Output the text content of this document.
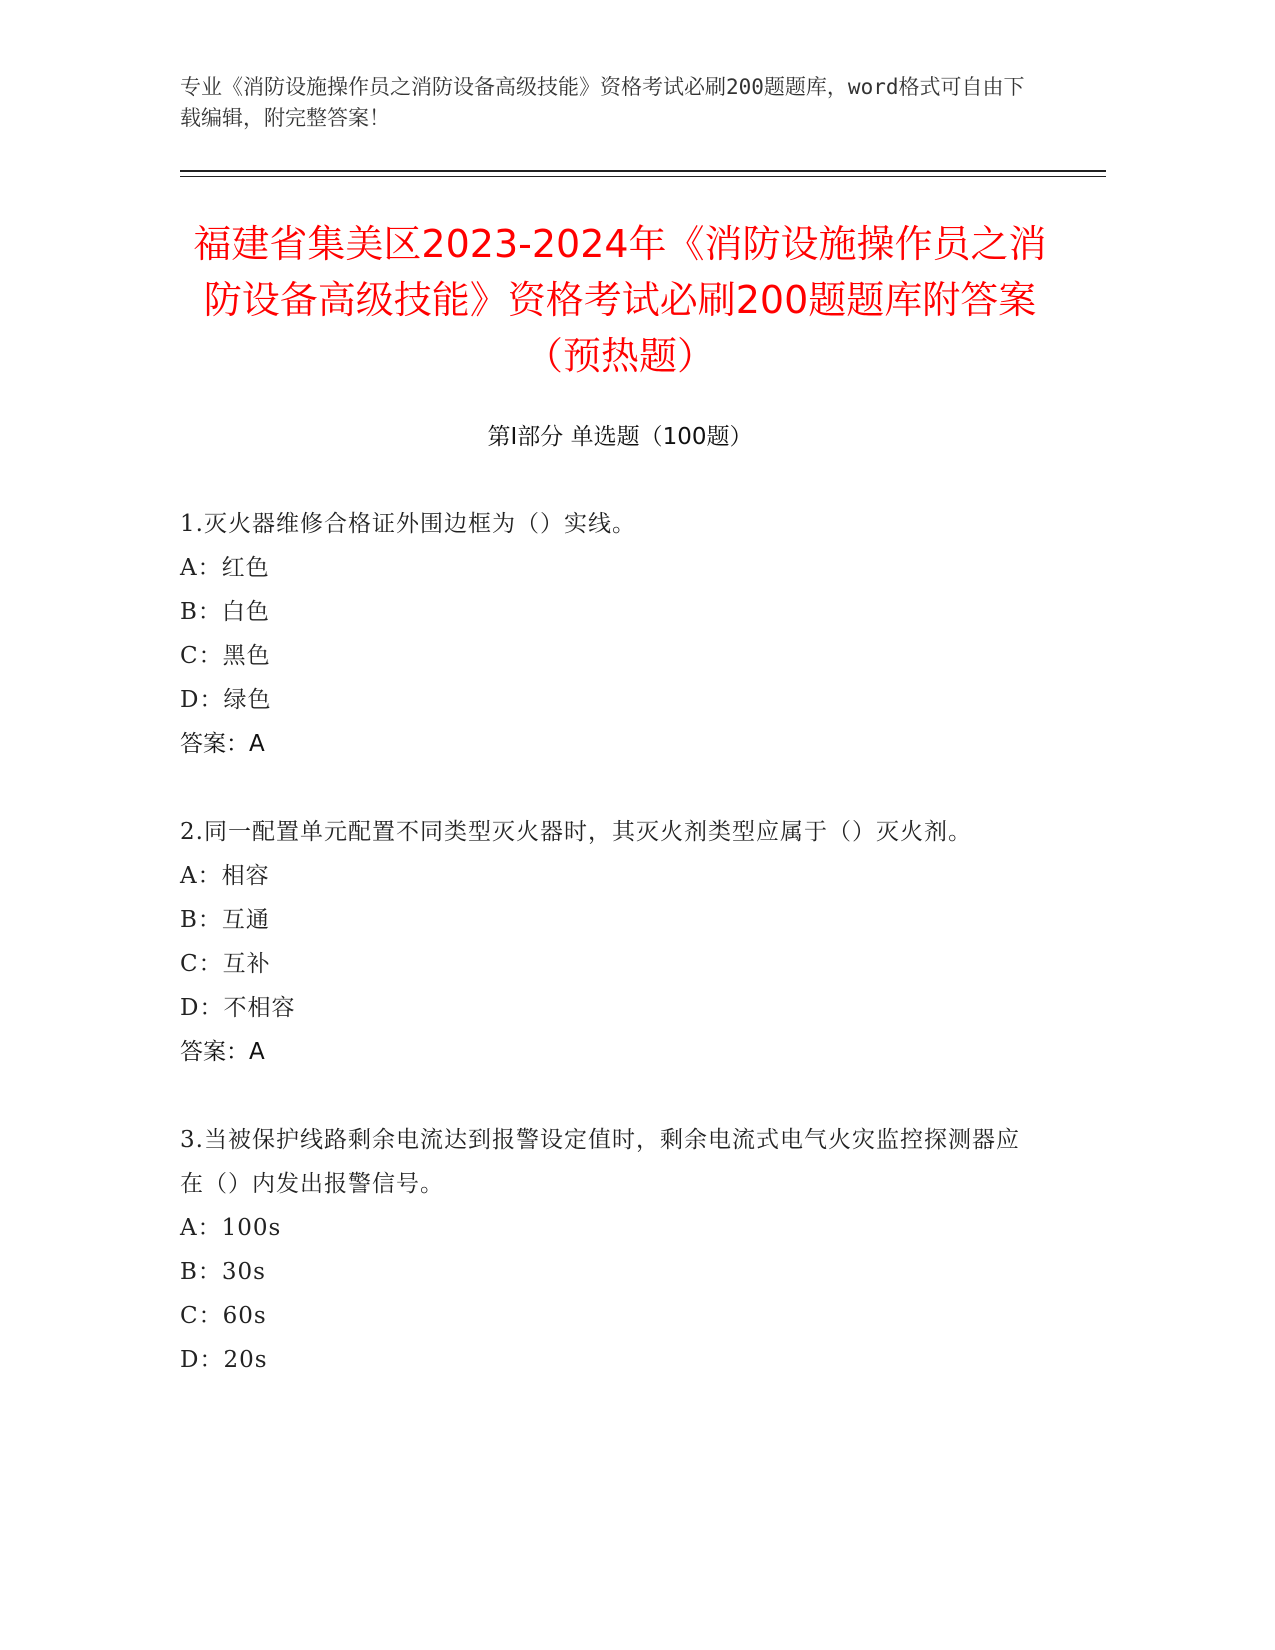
专业《消防设施操作员之消防设备高级技能》资格考试必刷200题题库，word格式可自由下载编辑，附完整答案！
福建省集美区2023-2024年《消防设施操作员之消防设备高级技能》资格考试必刷200题题库附答案（预热题）
第I部分 单选题（100题）
1.灭火器维修合格证外围边框为（）实线。
A：红色
B：白色
C：黑色
D：绿色
答案：A
2.同一配置单元配置不同类型灭火器时，其灭火剂类型应属于（）灭火剂。
A：相容
B：互通
C：互补
D：不相容
答案：A
3.当被保护线路剩余电流达到报警设定值时，剩余电流式电气火灾监控探测器应在（）内发出报警信号。
A：100s
B：30s
C：60s
D：20s
